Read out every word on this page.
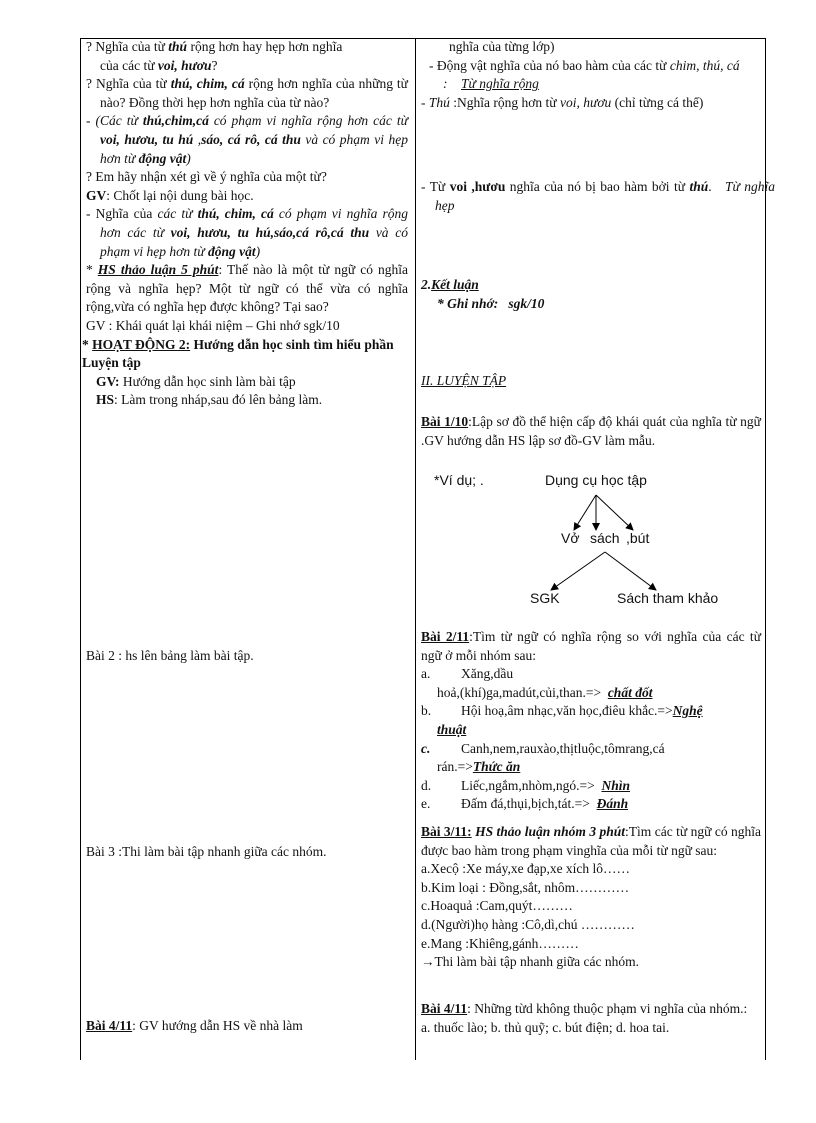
? Nghĩa của từ thú rộng hơn hay hẹp hơn nghĩa
của các từ voi, hươu?

? Nghĩa của từ thú, chim, cá rộng hơn nghĩa của những từ nào? Đồng thời hẹp hơn nghĩa của từ nào?

- (Các từ thú,chim,cá có phạm vi nghĩa rộng hơn các từ voi, hươu, tu hú ,sáo, cá rô, cá thu và có phạm vi hẹp hơn từ động vật)

? Em hãy nhận xét gì về ý nghĩa của một từ?

GV: Chốt lại nội dung bài học.

- Nghĩa của các từ thú, chim, cá có phạm vi nghĩa rộng hơn các từ voi, hươu, tu hú,sáo,cá rô,cá thu và có phạm vi hẹp hơn từ động vật)

* HS thảo luận 5 phút: Thế nào là một từ ngữ có nghĩa rộng và nghĩa hẹp? Một từ ngữ có thể vừa có nghĩa rộng,vừa có nghĩa hẹp được không? Tại sao?

GV : Khái quát lại khái niệm – Ghi nhớ sgk/10

* HOẠT ĐỘNG 2: Hướng dẫn học sinh tìm hiểu phần Luyện tập

GV: Hướng dẫn học sinh làm bài tập

HS: Làm trong nháp,sau đó lên bảng làm.

Bài 2 : hs lên bảng làm bài tập.

Bài 3 :Thi làm bài tập nhanh giữa các nhóm.

Bài 4/11: GV hướng dẫn HS về nhà làm

nghĩa của từng lớp)

- Động vật nghĩa của nó bao hàm của các từ chim, thú, cá : Từ nghĩa rộng

- Thú :Nghĩa rộng hơn từ voi, hươu (chỉ từng cá thể)

- Từ voi ,hươu nghĩa của nó bị bao hàm bởi từ thú. Từ nghĩa hẹp

2.Kết luận

* Ghi nhớ: sgk/10

II. LUYỆN TẬP

Bài 1/10:Lập sơ đồ thể hiện cấp độ khái quát của nghĩa từ ngữ .GV hướng dẫn HS lập sơ đồ-GV làm mẫu.

*Ví dụ; .	Dụng cụ học tập
Vở sách ,bút
SGK	Sách tham khảo

Bài 2/11:Tìm từ ngữ có nghĩa rộng so với nghĩa của các từ ngữ ở mỗi nhóm sau:

a. Xăng,dầu

hoả,(khí)ga,madút,củi,than.=> chất đốt

b. Hội hoạ,âm nhạc,văn học,điêu khắc.=>Nghệ

thuật

c. Canh,nem,rauxào,thịtluộc,tômrang,cá

rán.=>Thức ăn

d. Liếc,ngắm,nhòm,ngó.=> Nhìn

e. Đấm đá,thụi,bịch,tát.=> Đánh

Bài 3/11: HS thảo luận nhóm 3 phút:Tìm các từ ngữ có nghĩa được bao hàm trong phạm vinghĩa của mỗi từ ngữ sau:

a.Xecộ :Xe máy,xe đạp,xe xích lô……

b.Kim loại : Đồng,sắt, nhôm…………

c.Hoaquả :Cam,quýt………

d.(Người)họ hàng :Cô,dì,chú …………

e.Mang :Khiêng,gánh………

→Thi làm bài tập nhanh giữa các nhóm.

Bài 4/11: Những từd không thuộc phạm vi nghĩa của nhóm.:

a. thuốc lào; b. thủ quỹ; c. bút điện; d. hoa tai.
